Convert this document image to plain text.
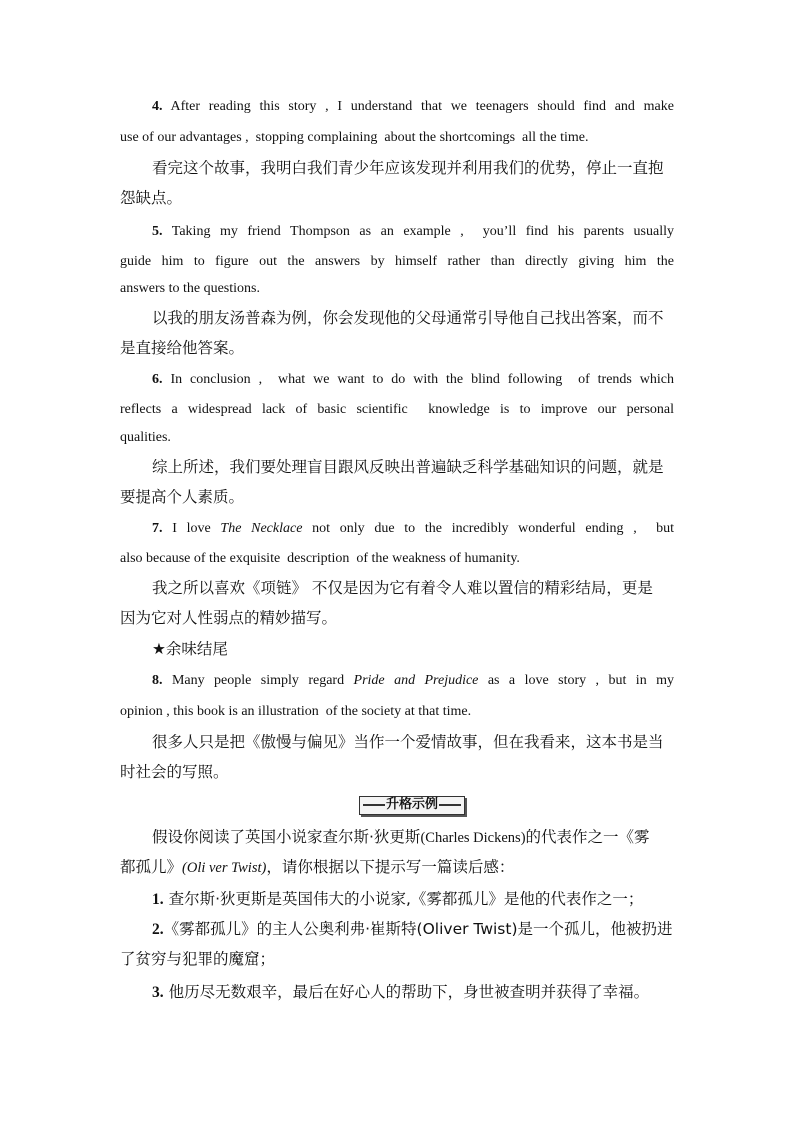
4. After reading this story , I understand that we teenagers should find and make
use of our advantages ,  stopping complaining  about the shortcomings  all the time.
看完这个故事，我明白我们青少年应该发现并利用我们的优势，停止一直抱
怨缺点。
5. Taking my friend Thompson as an example ,  you’ll find his parents usually
guide him to figure out the answers by himself rather than directly giving him the
answers to the questions.
以我的朋友汤普森为例，你会发现他的父母通常引导他自己找出答案，而不
是直接给他答案。
6. In conclusion ,  what we want to do with the blind following  of trends which
reflects a widespread lack of basic scientific  knowledge is to improve our personal
qualities.
综上所述，我们要处理盲目跟风反映出普遍缺乏科学基础知识的问题，就是
要提高个人素质。
7. I love The Necklace not only due to the incredibly wonderful ending ,  but
also because of the exquisite  description  of the weakness of humanity.
我之所以喜欢《项链》 不仅是因为它有着令人难以置信的精彩结局，更是
因为它对人性弱点的精妙描写。
★余味结尾
8. Many people simply regard Pride and Prejudice as a love story , but in my
opinion , this book is an illustration  of the society at that time.
很多人只是把《傲慢与偏见》当作一个爱情故事，但在我看来，这本书是当
时社会的写照。
升格示例
假设你阅读了英国小说家查尔斯·狄更斯(Charles Dickens)的代表作之一《雾
都孤儿》(Oli ver Twist)，请你根据以下提示写一篇读后感：
1. 查尔斯·狄更斯是英国伟大的小说家,《雾都孤儿》是他的代表作之一；
2.《雾都孤儿》的主人公奥利弗·崔斯特(Oliver Twist)是一个孤儿，他被扔进
了贫穷与犯罪的魔窟；
3. 他历尽无数艰辛，最后在好心人的帮助下，身世被查明并获得了幸福。
